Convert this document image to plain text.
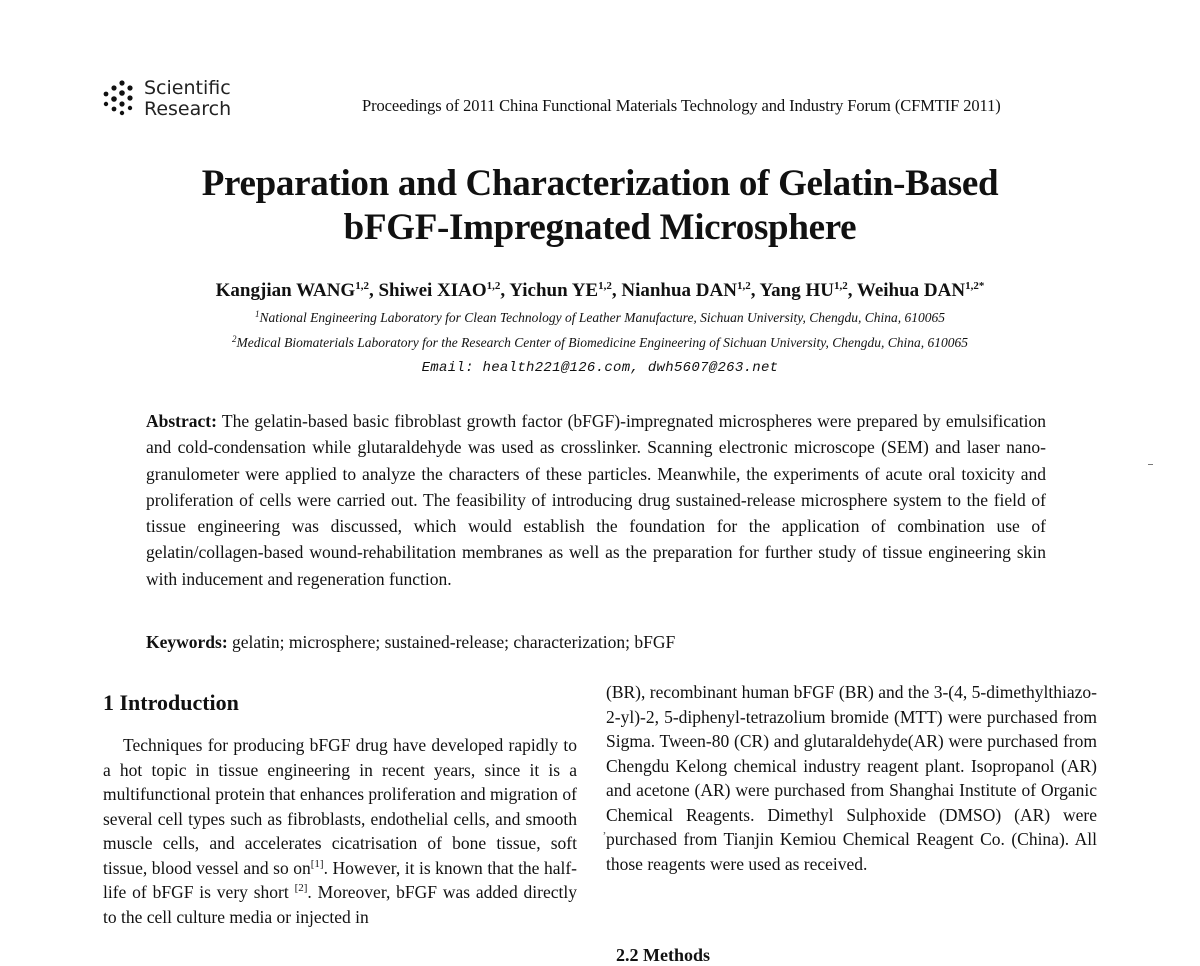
Scientific
Research	Proceedings of 2011 China Functional Materials Technology and Industry Forum (CFMTIF 2011)
Preparation and Characterization of Gelatin-Based
bFGF-Impregnated Microsphere
Kangjian WANG$^{1,2}$, Shiwei XIAO$^{1,2}$, Yichun YE$^{1,2}$, Nianhua DAN$^{1,2}$, Yang HU$^{1,2}$, Weihua $DAN^{1,2*}$
$^1$National Engineering Laboratory for Clean Technology of Leather Manufacture, Sichuan University, Chengdu, China, 610065
$^2$Medical Biomaterials Laboratory for the Research Center of Biomedicine Engineering of Sichuan University, Chengdu, China, 610065
Email: health221@126.com, dwh5607@263.net
Abstract: The gelatin-based basic fibroblast growth factor (bFGF)-impregnated microspheres were prepared by emulsification and cold-condensation while glutaraldehyde was used as crosslinker. Scanning electronic microscope (SEM) and laser nano-granulometer were applied to analyze the characters of these particles. Meanwhile, the experiments of acute oral toxicity and proliferation of cells were carried out. The feasibility of introducing drug sustained-release microsphere system to the field of tissue engineering was discussed, which would establish the foundation for the application of combination use of gelatin/collagen-based wound-rehabilitation membranes as well as the preparation for further study of tissue engineering skin with inducement and regeneration function.
Keywords: gelatin; microsphere; sustained-release; characterization; bFGF
1 Introduction
Techniques for producing bFGF drug have developed rapidly to a hot topic in tissue engineering in recent years, since it is a multifunctional protein that enhances proliferation and migration of several cell types such as fibroblasts, endothelial cells, and smooth muscle cells, and accelerates cicatrisation of bone tissue, soft tissue, blood vessel and so on[1]. However, it is known that the half-life of bFGF is very short [2]. Moreover, bFGF was added directly to the cell culture media or injected in
(BR), recombinant human bFGF (BR) and the 3-(4, 5-dimethylthiazo-2-yl)-2, 5-diphenyl-tetrazolium bromide (MTT) were purchased from Sigma. Tween-80 (CR) and glutaraldehyde(AR) were purchased from Chengdu Kelong chemical industry reagent plant. Isopropanol (AR) and acetone (AR) were purchased from Shanghai Institute of Organic Chemical Reagents. Dimethyl Sulphoxide (DMSO) (AR) were purchased from Tianjin Kemiou Chemical Reagent Co. (China). All those reagents were used as received.
,
2.2 Methods
